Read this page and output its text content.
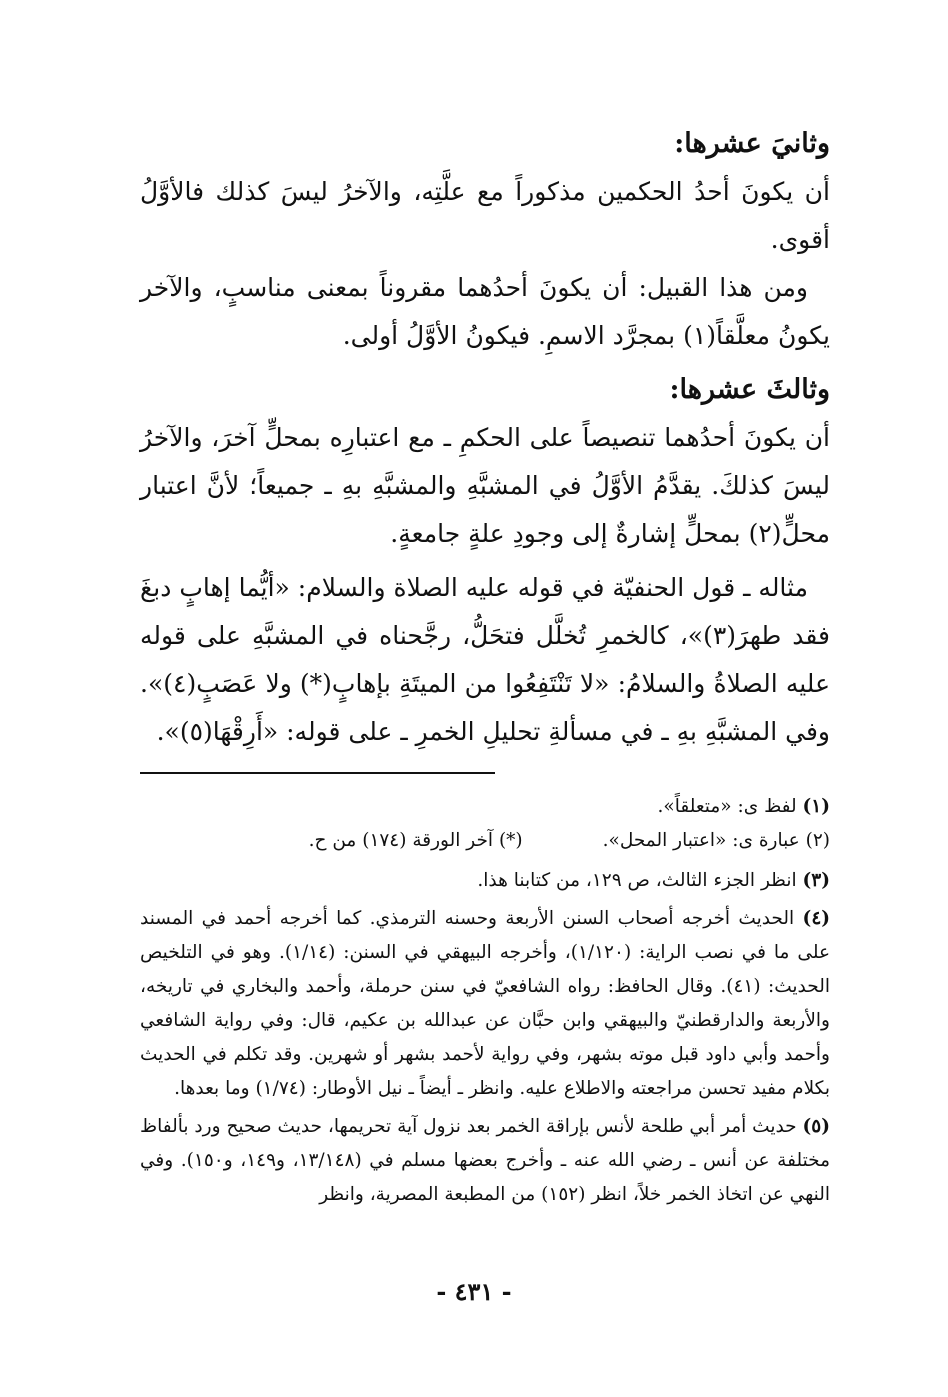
وثانيَ عشرها:

أن يكونَ أحدُ الحكمين مذكوراً مع علَّتِه، والآخرُ ليسَ كذلك فالأوَّلُ أقوى.

ومن هذا القبيل: أن يكونَ أحدُهما مقروناً بمعنى مناسبٍ، والآخر يكونُ معلَّقاً(١) بمجرَّد الاسمِ. فيكونُ الأوَّلُ أولى.

وثالثَ عشرها:

أن يكونَ أحدُهما تنصيصاً على الحكمِ ـ مع اعتبارِه بمحلٍّ آخرَ، والآخرُ ليسَ كذلكَ. يقدَّمُ الأوَّلُ في المشبَّهِ والمشبَّهِ بهِ ـ جميعاً؛ لأنَّ اعتبار محلٍّ(٢) بمحلٍّ إشارةٌ إلى وجودِ علةٍ جامعةٍ.

مثاله ـ قول الحنفيّة في قوله عليه الصلاة والسلام: «أيُّما إهابٍ دبغَ فقد طهرَ(٣)»، كالخمرِ تُخلَّل فتحَلُّ، رجَّحناه في المشبَّهِ على قوله عليه الصلاةُ والسلامُ: «لا تَنْتَفِعُوا من الميتَةِ بإهابٍ(*) ولا عَصَبٍ(٤)». وفي المشبَّهِ بهِ ـ في مسألةِ تحليلِ الخمرِ ـ على قوله: «أَرِقْهَا(٥)».

(١) لفظ ى: «متعلقاً».

(٢) عبارة ى: «اعتبار المحل».
(*) آخر الورقة (١٧٤) من ح.

(٣) انظر الجزء الثالث، ص ١٢٩، من كتابنا هذا.

(٤) الحديث أخرجه أصحاب السنن الأربعة وحسنه الترمذي. كما أخرجه أحمد في المسند على ما في نصب الراية: (١/١٢٠)، وأخرجه البيهقي في السنن: (١/١٤). وهو في التلخيص الحديث: (٤١). وقال الحافظ: رواه الشافعيّ في سنن حرملة، وأحمد والبخاري في تاريخه، والأربعة والدارقطنيّ والبيهقي وابن حبَّان عن عبدالله بن عكيم، قال: وفي رواية الشافعي وأحمد وأبي داود قبل موته بشهر، وفي رواية لأحمد بشهر أو شهرين. وقد تكلم في الحديث بكلام مفيد تحسن مراجعته والاطلاع عليه. وانظر ـ أيضاً ـ نيل الأوطار: (١/٧٤) وما بعدها.

(٥) حديث أمر أبي طلحة لأنس بإراقة الخمر بعد نزول آية تحريمها، حديث صحيح ورد بألفاظ مختلفة عن أنس ـ رضي الله عنه ـ وأخرج بعضها مسلم في (١٣/١٤٨، و١٤٩، و١٥٠). وفي النهي عن اتخاذ الخمر خلاً، انظر (١٥٢) من المطبعة المصرية، وانظر

- ٤٣١ -
